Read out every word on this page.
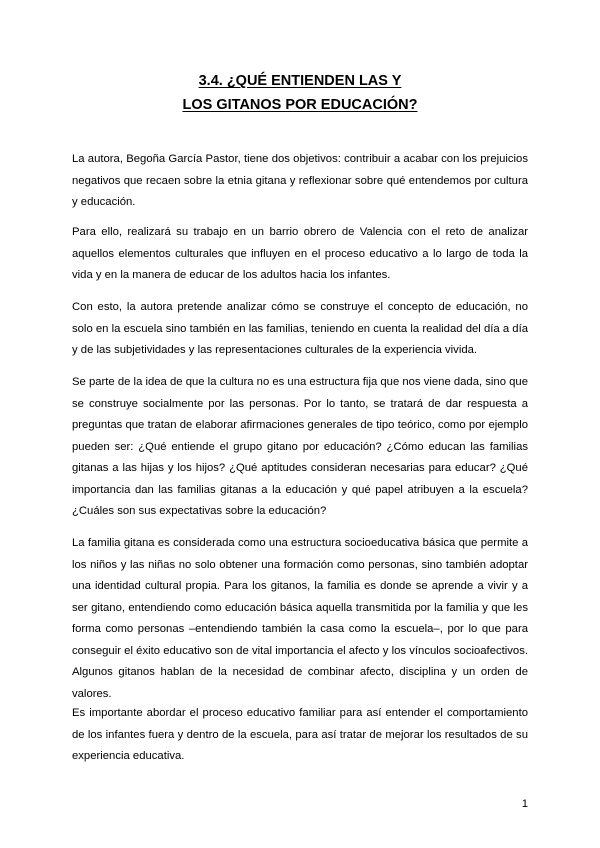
3.4. ¿QUÉ ENTIENDEN LAS Y
LOS GITANOS POR EDUCACIÓN?

La autora, Begoña García Pastor, tiene dos objetivos: contribuir a acabar con los prejuicios negativos que recaen sobre la etnia gitana y reflexionar sobre qué entendemos por cultura y educación.

Para ello, realizará su trabajo en un barrio obrero de Valencia con el reto de analizar aquellos elementos culturales que influyen en el proceso educativo a lo largo de toda la vida y en la manera de educar de los adultos hacia los infantes.

Con esto, la autora pretende analizar cómo se construye el concepto de educación, no solo en la escuela sino también en las familias, teniendo en cuenta la realidad del día a día y de las subjetividades y las representaciones culturales de la experiencia vivida.

Se parte de la idea de que la cultura no es una estructura fija que nos viene dada, sino que se construye socialmente por las personas. Por lo tanto, se tratará de dar respuesta a preguntas que tratan de elaborar afirmaciones generales de tipo teórico, como por ejemplo pueden ser: ¿Qué entiende el grupo gitano por educación? ¿Cómo educan las familias gitanas a las hijas y los hijos? ¿Qué aptitudes consideran necesarias para educar? ¿Qué importancia dan las familias gitanas a la educación y qué papel atribuyen a la escuela? ¿Cuáles son sus expectativas sobre la educación?

La familia gitana es considerada como una estructura socioeducativa básica que permite a los niños y las niñas no solo obtener una formación como personas, sino también adoptar una identidad cultural propia. Para los gitanos, la familia es donde se aprende a vivir y a ser gitano, entendiendo como educación básica aquella transmitida por la familia y que les forma como personas –entendiendo también la casa como la escuela–, por lo que para conseguir el éxito educativo son de vital importancia el afecto y los vínculos socioafectivos. Algunos gitanos hablan de la necesidad de combinar afecto, disciplina y un orden de valores.

Es importante abordar el proceso educativo familiar para así entender el comportamiento de los infantes fuera y dentro de la escuela, para así tratar de mejorar los resultados de su experiencia educativa.

1
